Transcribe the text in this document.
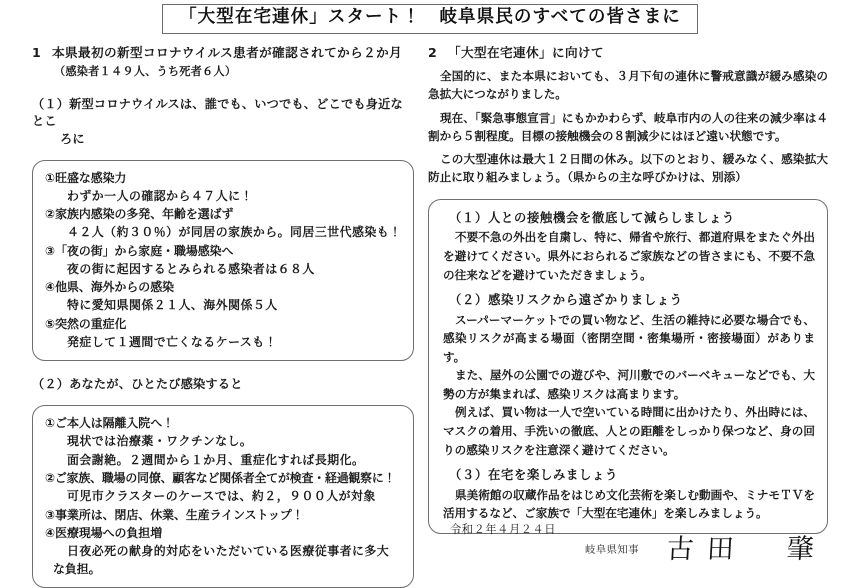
「大型在宅連休」スタート！　岐阜県民のすべての皆さまに
1 本県最初の新型コロナウイルス患者が確認されてから２か月
（感染者１４９人、うち死者６人）
（１）新型コロナウイルスは、誰でも、いつでも、どこでも身近なとこ
ろに
①旺盛な感染力
わずか一人の確認から４７人に！
②家族内感染の多発、年齢を選ばず
４２人（約３０％）が同居の家族から。同居三世代感染も！
③「夜の街」から家庭・職場感染へ
夜の街に起因するとみられる感染者は６８人
④他県、海外からの感染
特に愛知県関係２１人、海外関係５人
⑤突然の重症化
発症して１週間で亡くなるケースも！
（２）あなたが、ひとたび感染すると
①ご本人は隔離入院へ！
現状では治療薬・ワクチンなし。
面会謝絶。２週間から１か月、重症化すれば長期化。
②ご家族、職場の同僚、顧客など関係者全てが検査・経過観察に！
可児市クラスターのケースでは、約２，９００人が対象
③事業所は、閉店、休業、生産ラインストップ！
④医療現場への負担増
日夜必死の献身的対応をいただいている医療従事者に多大
な負担。
2 「大型在宅連休」に向けて
全国的に、また本県においても、３月下旬の連休に警戒意識が緩み感染の急拡大につながりました。
現在、「緊急事態宣言」にもかかわらず、岐阜市内の人の往来の減少率は４割から５割程度。目標の接触機会の８割減少にはほど遠い状態です。
この大型連休は最大１２日間の休み。以下のとおり、緩みなく、感染拡大防止に取り組みましょう。（県からの主な呼びかけは、別添）
（１）人との接触機会を徹底して減らしましょう
不要不急の外出を自粛し、特に、帰省や旅行、都道府県をまたぐ外出を避けてください。県外におられるご家族などの皆さまにも、不要不急の往来などを避けていただきましょう。
（２）感染リスクから遠ざかりましょう
スーパーマーケットでの買い物など、生活の維持に必要な場合でも、感染リスクが高まる場面（密閉空間・密集場所・密接場面）があります。
また、屋外の公園での遊びや、河川敷でのバーベキューなどでも、大勢の方が集まれば、感染リスクは高まります。
例えば、買い物は一人で空いている時間に出かけたり、外出時には、マスクの着用、手洗いの徹底、人との距離をしっかり保つなど、身の回りの感染リスクを注意深く避けてください。
（３）在宅を楽しみましょう
県美術館の収蔵作品をはじめ文化芸術を楽しむ動画や、ミナモＴＶを活用するなど、ご家族で「大型在宅連休」を楽しみましょう。
令和２年４月２４日
岐阜県知事 古田　肇
